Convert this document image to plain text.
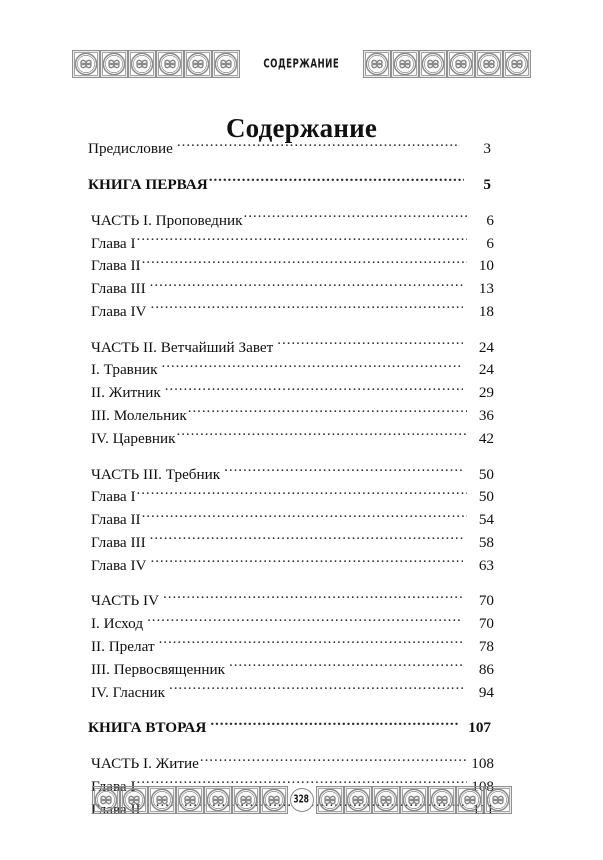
СОДЕРЖАНИЕ
Содержание
Предисловие .....	3
КНИГА ПЕРВАЯ .....	5
ЧАСТЬ I. Проповедник .....	6
Глава I .....	6
Глава II .....	10
Глава III .....	13
Глава IV .....	18
ЧАСТЬ II. Ветчайший Завет .....	24
I. Травник .....	24
II. Житник .....	29
III. Молельник .....	36
IV. Царевник .....	42
ЧАСТЬ III. Требник .....	50
Глава I .....	50
Глава II .....	54
Глава III .....	58
Глава IV .....	63
ЧАСТЬ IV .....	70
I. Исход .....	70
II. Прелат .....	78
III. Первосвященник .....	86
IV. Гласник .....	94
КНИГА ВТОРАЯ .....	107
ЧАСТЬ I. Житие .....	108
Глава I .....	108
Глава II .....	111
328
